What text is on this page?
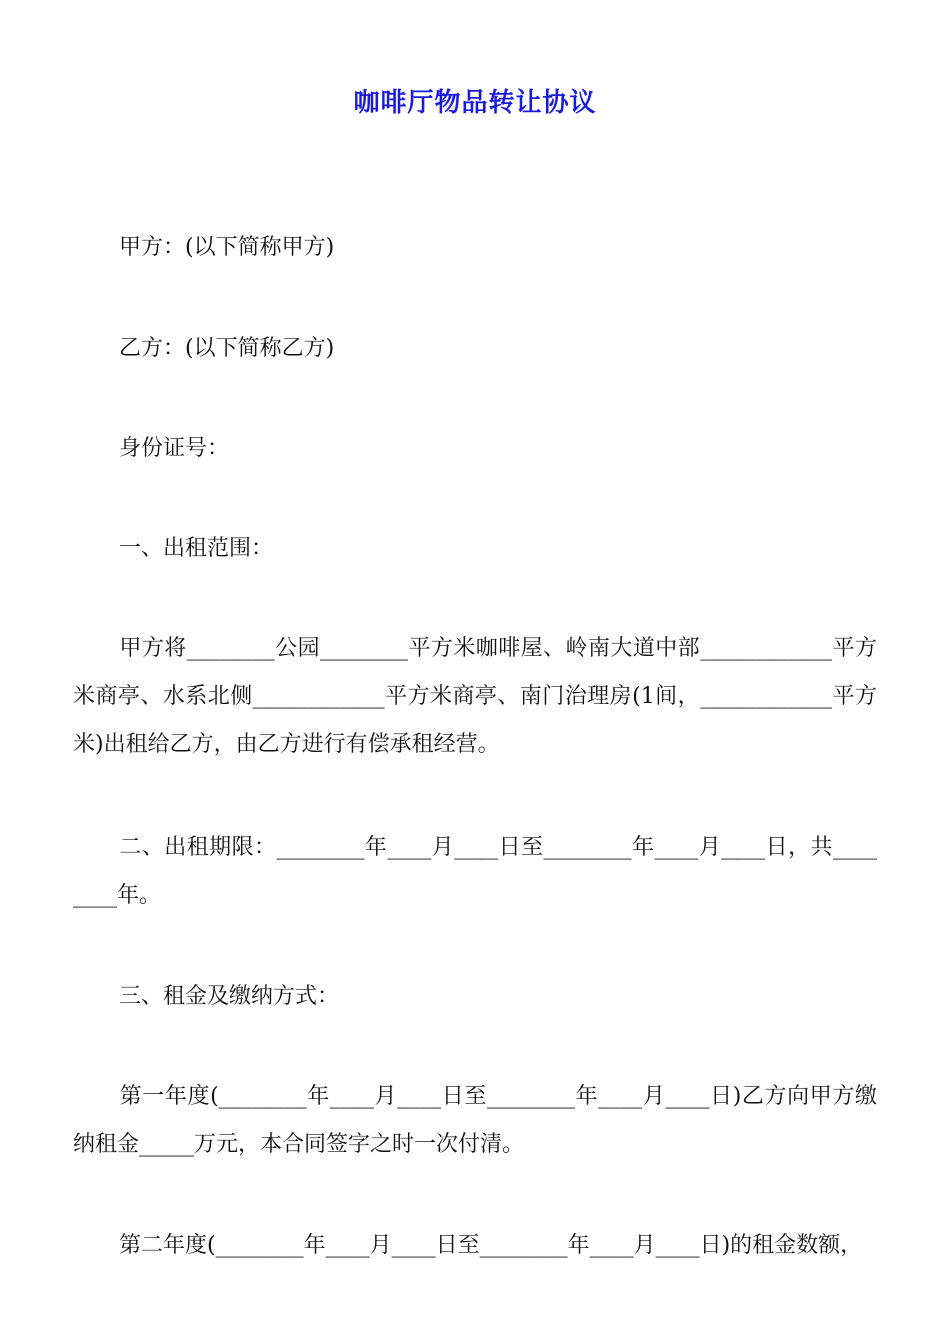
咖啡厅物品转让协议
甲方：(以下简称甲方)
乙方：(以下简称乙方)
身份证号：
一、出租范围：
甲方将________公园________平方米咖啡屋、岭南大道中部____________平方米商亭、水系北侧____________平方米商亭、南门治理房(1间，____________平方米)出租给乙方，由乙方进行有偿承租经营。
二、出租期限：________年____月____日至________年____月____日，共________年。
三、租金及缴纳方式：
第一年度(________年____月____日至________年____月____日)乙方向甲方缴纳租金_____万元，本合同签字之时一次付清。
第二年度(________年____月____日至________年____月____日)的租金数额，
